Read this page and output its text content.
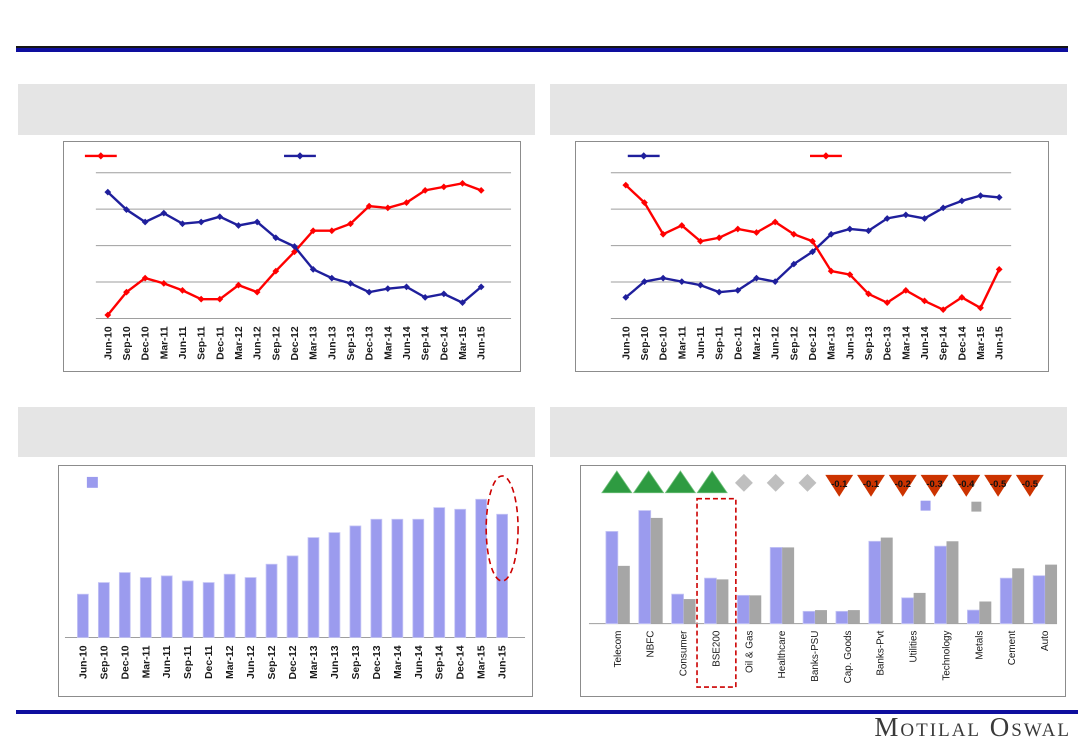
Jun-10 Sep-10 Dec-10 Mar-11 Jun-11 Sep-11 Dec-11 Mar-12 Jun-12 Sep-12 Dec-12 Mar-13 Jun-13 Sep-13 Dec-13 Mar-14 Jun-14 Sep-14 Dec-14 Mar-15 Jun-15	Jun-10 Sep-10 Dec-10 Mar-11 Jun-11 Sep-11 Dec-11 Mar-12 Jun-12 Sep-12 Dec-12 Mar-13 Jun-13 Sep-13 Dec-13 Mar-14 Jun-14 Sep-14 Dec-14 Mar-15 Jun-15
Jun-10 Sep-10 Dec-10 Mar-11 Jun-11 Sep-11 Dec-11 Mar-12 Jun-12 Sep-12 Dec-12 Mar-13 Jun-13 Sep-13 Dec-13 Mar-14 Jun-14 Sep-14 Dec-14 Mar-15 Jun-15	Telecom NBFC Consumer BSE200 Oil & Gas Healthcare Banks-PSU Cap. Goods Banks-Pvt Utilities Technology Metals Cement Auto
-0.1 -0.1 -0.2 -0.3 -0.4 -0.5 -0.5
Motilal Oswal
